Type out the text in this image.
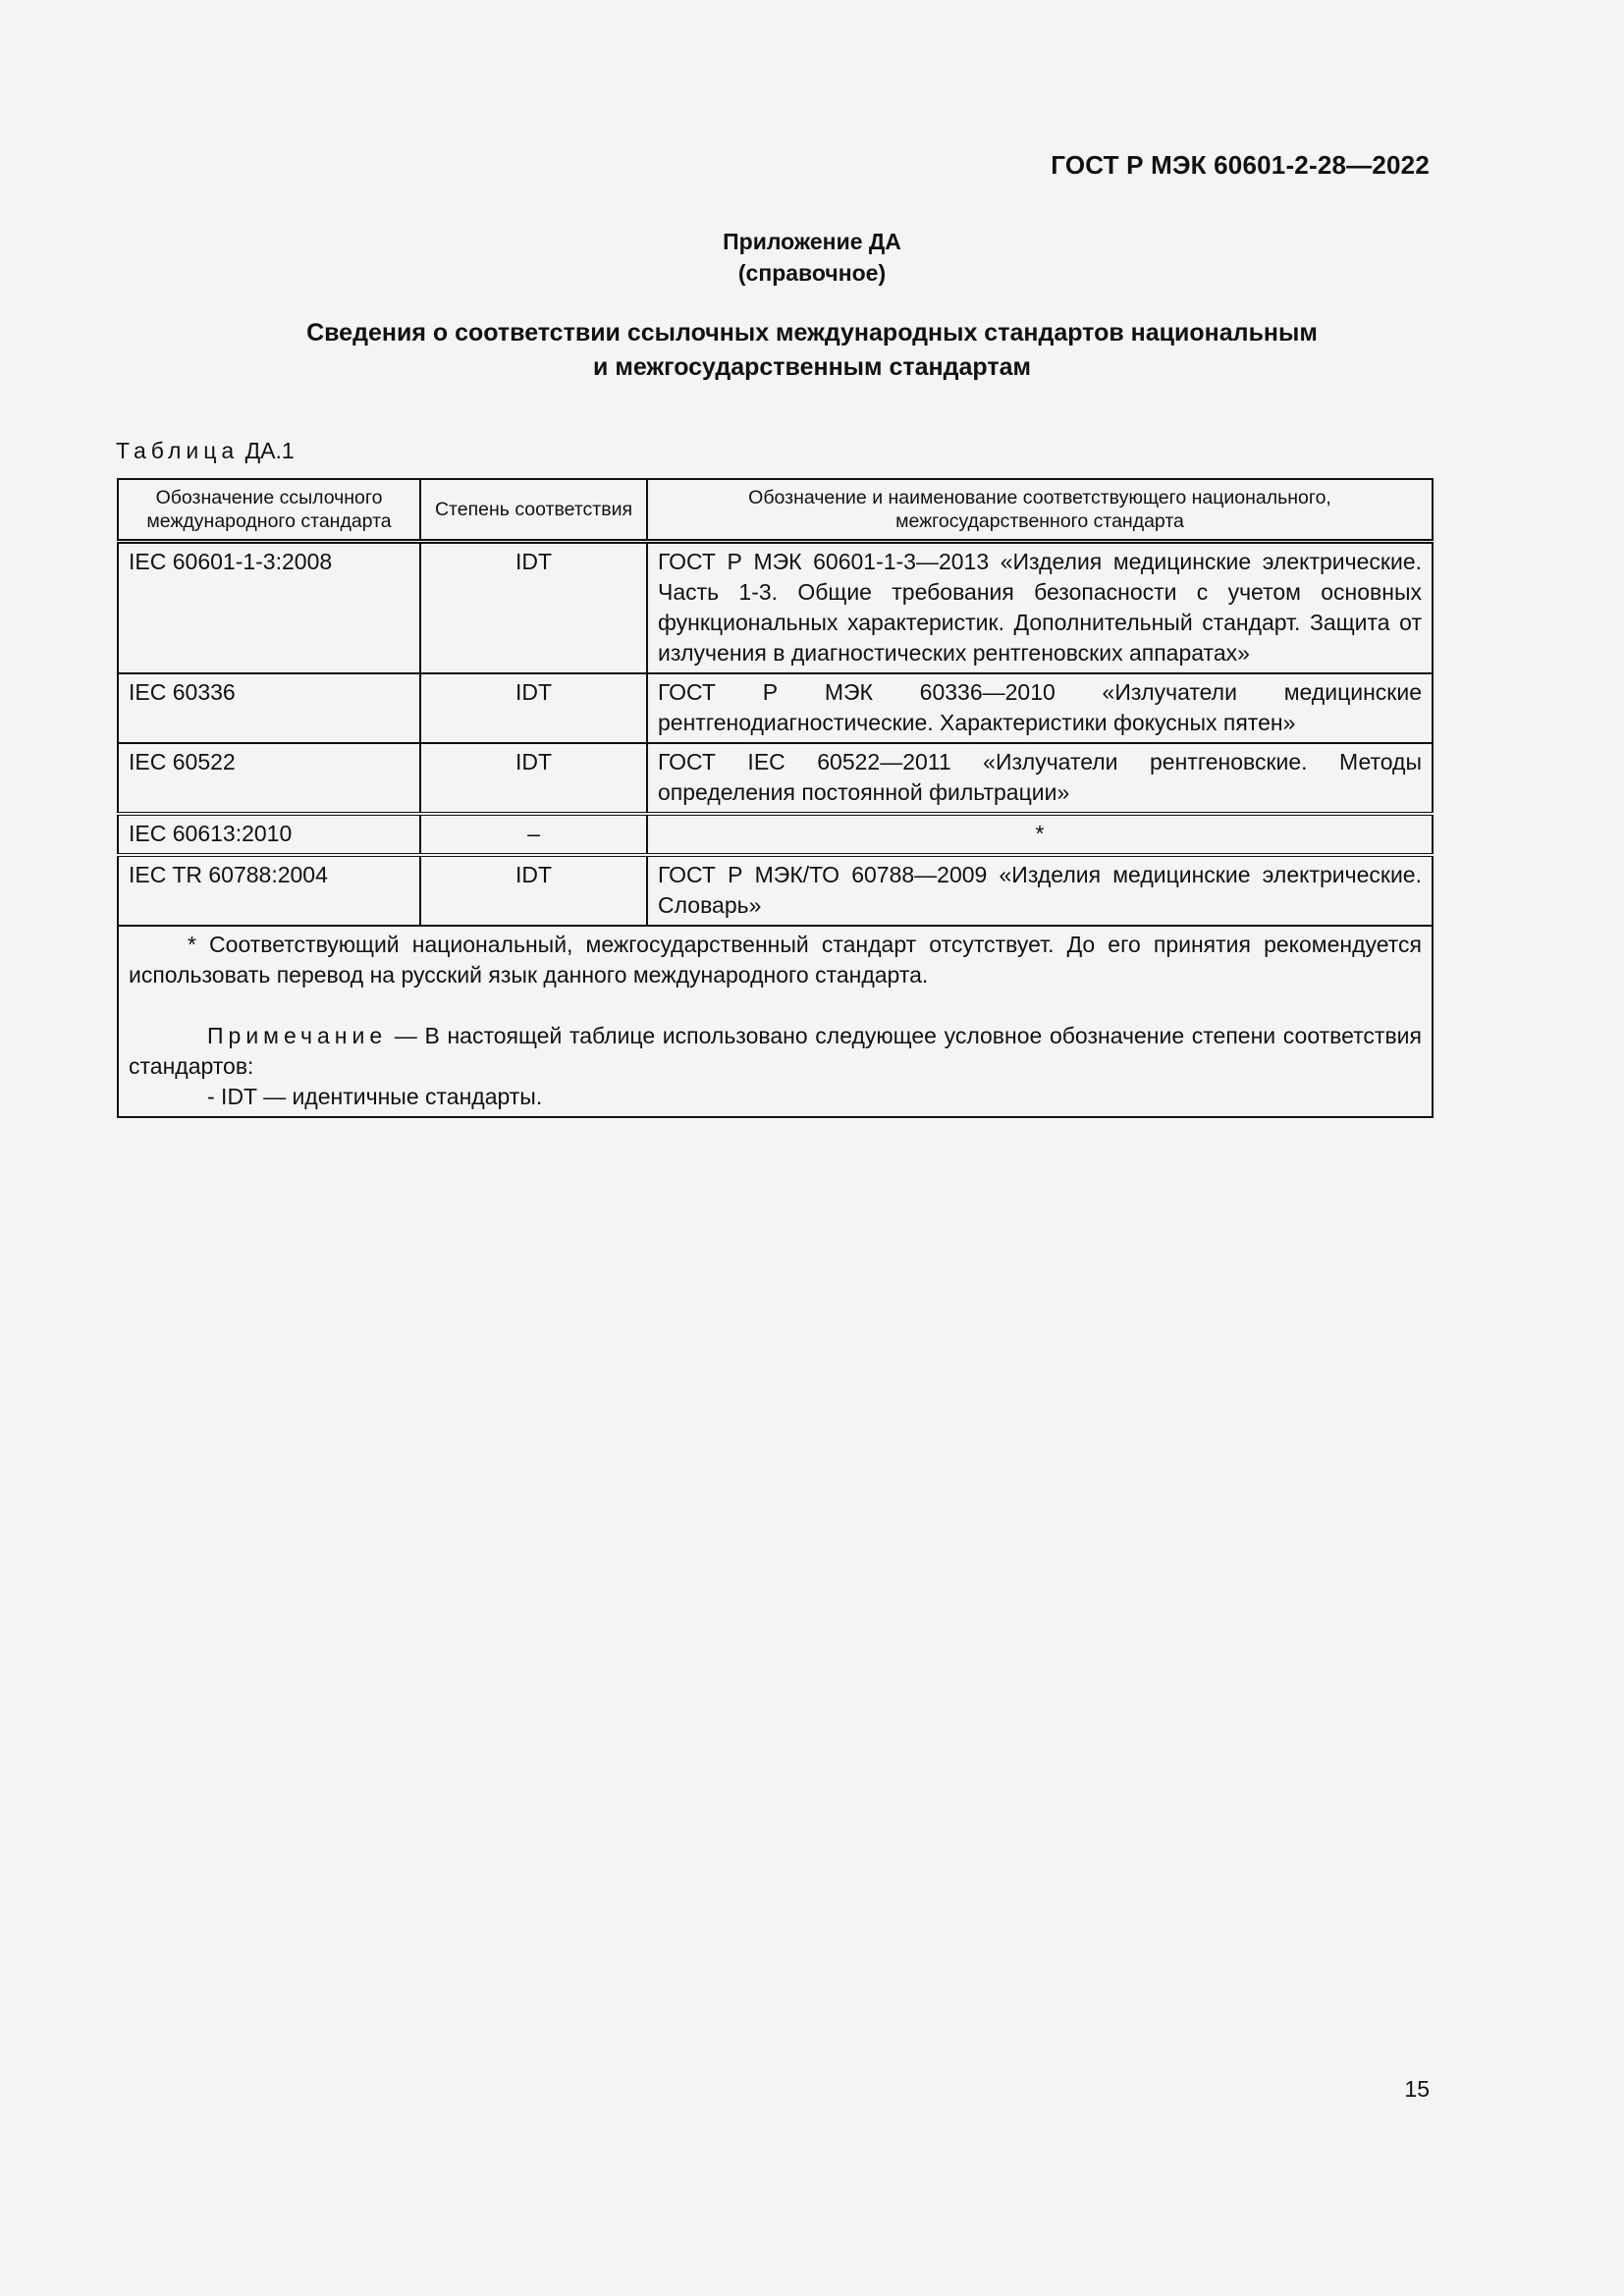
ГОСТ Р МЭК 60601-2-28—2022
Приложение ДА
(справочное)
Сведения о соответствии ссылочных международных стандартов национальным
и межгосударственным стандартам
Таблица ДА.1
Обозначение ссылочного международного стандарта	Степень соответствия	Обозначение и наименование соответствующего национального, межгосударственного стандарта
IEC 60601-1-3:2008	IDT	ГОСТ Р МЭК 60601-1-3—2013 «Изделия медицинские электрические. Часть 1-3. Общие требования безопасности с учетом основных функциональных характеристик. Дополнительный стандарт. Защита от излучения в диагностических рентгеновских аппаратах»
IEC 60336	IDT	ГОСТ Р МЭК 60336—2010 «Излучатели медицинские рентгенодиагностические. Характеристики фокусных пятен»
IEC 60522	IDT	ГОСТ IEC 60522—2011 «Излучатели рентгеновские. Методы определения постоянной фильтрации»
IEC 60613:2010	–	*
IEC TR 60788:2004	IDT	ГОСТ Р МЭК/ТО 60788—2009 «Изделия медицинские электрические. Словарь»

* Соответствующий национальный, межгосударственный стандарт отсутствует. До его принятия рекомендуется использовать перевод на русский язык данного международного стандарта.
Примечание — В настоящей таблице использовано следующее условное обозначение степени соответствия стандартов:
- IDT — идентичные стандарты.		
15
